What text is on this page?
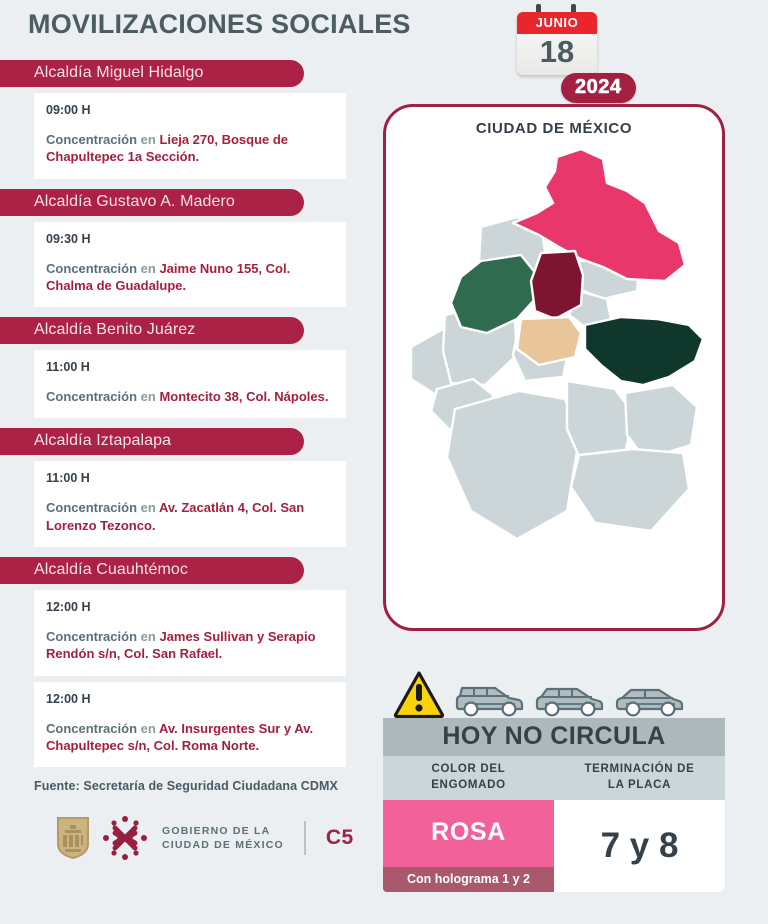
MOVILIZACIONES SOCIALES	JUNIO
18
2024
Alcaldía Miguel Hidalgo
09:00 H
Concentración en Lieja 270, Bosque de Chapultepec 1a Sección.
Alcaldía Gustavo A. Madero
09:30 H
Concentración en Jaime Nuno 155, Col. Chalma de Guadalupe.
Alcaldía Benito Juárez
11:00 H
Concentración en Montecito 38, Col. Nápoles.
Alcaldía Iztapalapa
11:00 H
Concentración en Av. Zacatlán 4, Col. San Lorenzo Tezonco.
Alcaldía Cuauhtémoc
12:00 H
Concentración en James Sullivan y Serapio Rendón s/n, Col. San Rafael.
12:00 H
Concentración en Av. Insurgentes Sur y Av. Chapultepec s/n, Col. Roma Norte.
Fuente: Secretaría de Seguridad Ciudadana CDMX
GOBIERNO DE LA
CIUDAD DE MÉXICO C5
CIUDAD DE MÉXICO
HOY NO CIRCULA
COLOR DEL
ENGOMADO
TERMINACIÓN DE
LA PLACA
ROSA
Con holograma 1 y 2
7 y 8
